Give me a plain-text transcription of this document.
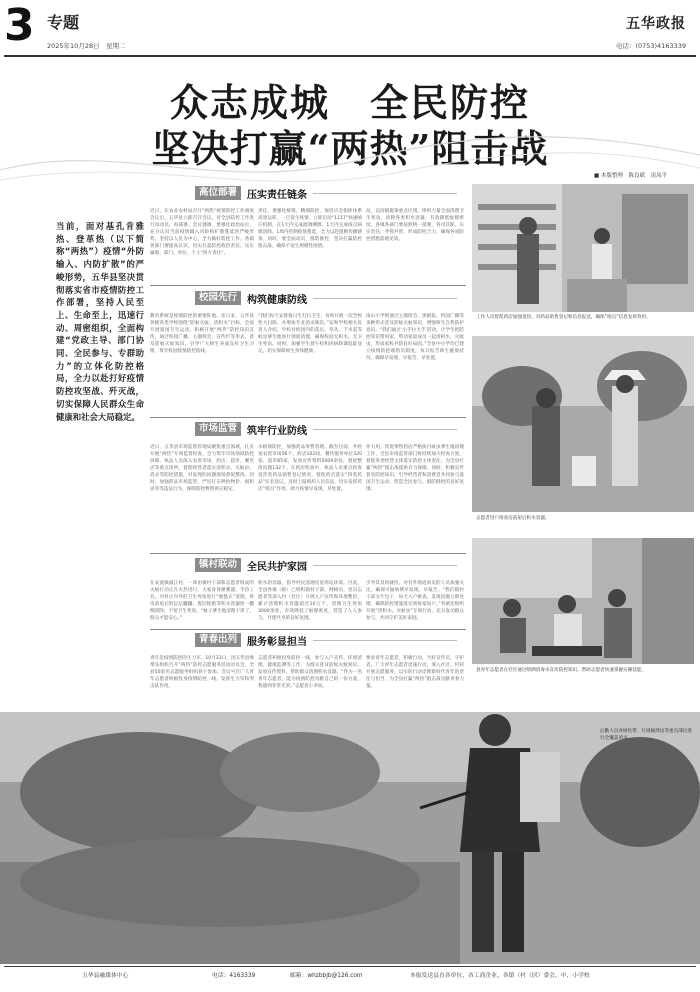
3 专题
2025年10月28日　星期二
五华政报
电话：(0753)4163339
众志成城　全民防控
坚决打赢“两热”阻击战
■ 本版整理　陈良斌　凌凤平
当前，面对基孔肯雅热、登革热（以下简称“两热”）疫情“外防输入、内防扩散”的严峻形势，五华县坚决贯彻落实省市疫情防控工作部署，坚持人民至上、生命至上，迅速行动、周密组织，全面构建“党政主导、部门协同、全民参与、专群助力”的立体化防控格局，全力以赴打好疫情防控攻坚战、歼灭战，切实保障人民群众生命健康和社会大局稳定。
高位部署	压实责任链条
近日，在农业农村局召开“两热”疫情防控工作调度会议后，五华县立即召开会议，对全县防控工作进行再动员、再部署。会议强调，要强化政治站位，充分认识当前疫情输入风险和扩散蔓延的严峻形势，坚持以人民为中心，全力做好防控工作。各镇各部门要提高认识，切实扛起防控政治责任，压实属地、部门、单位、个人“四方责任”。
责任。要强化统筹，精细防控，保持应急指挥体系高效运转，一旦发生疫情，立即启动“1117”快速响应机制，在1天内完成流调溯源、1天内完成疫点病媒清除、1周内控制疫情蔓延，全力以赴阻断传播链条。同时，要全面动员，群防群控，坚决打赢防控阻击战，确保不发生规模性疫情。
站，以因镇施策重点区域，组织力量全面清理卫生死角，清除各类积水容器，有效降低蚊媒密度。各镇各部门要按照统一部署，各司其职，压实责任，齐抓共管，形成防控合力，确保各项防控措施落地见效。
校园先行	构筑健康防线
教育系统是疫情防控的重要阵地。连日来，五华县各级各类学校围绕“防蚊灭蚊、清积水”目标，全面开展爱国卫生运动，积极开展“两热”防控知识宣传，通过校园广播、主题班会、宣传栏等形式，普及防蚊灭蚊知识，引导广大师生养成良好卫生习惯，筑牢校园疫情防控防线。
“我们每天安排值日生打扫卫生，每周开展一次全校性大扫除，并增加专业消杀频次。”安和学校相关负责人介绍，学校对校园内的花坛、草丛、下水道等蚊虫孳生地进行彻底清理，确保校园无积水、无卫生死角。同时，加强学生晨午检和因病缺课追踪登记，切实保障师生身体健康。
南山小学则通过主题班会、黑板报、校园广播等多种形式普及防蚊灭蚊知识，增强师生自我防护意识。“我们通过‘小手拉大手’活动，让学生把防控知识带回家，带动家庭成员一起清积水、灭蚊虫，形成家校共防良好局面。”全县中小学均已建立疫情防控联络员制度，每日报告师生健康状况，确保早发现、早报告、早处置。
市场监管	筑牢行业防线
近日，五华县市场监督管理局聚焦重点领域，扎实开展“两热”专项监督检查，全力筑牢市场领域防控屏障。执法人员深入农贸市场、药店、超市、餐饮店等重点场所，督促经营者落实清积水、灭蚊虫、消杀等防控措施，对发现的问题现场督促整改。同时，加强药品市场监管，严厉打击哄抬物价、囤积居奇等违法行为，保障防控物资供应稳定。
水根划防控，加强药品零售管理。截至目前，共检查农贸市场56个、药店102间、餐饮服务单位320家、超市85家，发放宣传资料5000余份，督促整改问题132个。在药店检查中，执法人员重点检查退热类药品销售登记情况，督促药店落实“四类药品”实名登记，及时上报购药人员信息，切实发挥药店“哨点”作用，助力疫情早发现、早处置。
作力用，督促零售药店严格执行蚊虫孳生地清理工作，全县市场监管部门将持续加大检查力度，督促各类经营主体落实防控主体责任，为全县打赢“两热”阻击战提供有力保障。同时，积极宣传普及防控知识，引导经营者和消费者共同参与爱国卫生运动，营造全民参与、群防群控的良好氛围。
镇村联动	全民共护家园
在安流镇福江村，一场由镇村干部和志愿者组成的灭蚊行动正在火热进行。大家身背喷雾器、手持工具，对村庄内外的卫生死角进行“地毯式”清理，将房前屋后的坛坛罐罐、废旧轮胎等积水容器逐一翻倒清除，不留卫生死角。“蚊子孳生地清理干净了，群众才能安心。”
积水的容器，指导村民清理房屋周边环境。目前，全县各镇（街）已组织镇村干部、网格员、党员志愿者等深入村（社区）开展入户宣传和环境整治，累计清理积水容器超过10万个，清理卫生死角3000余处，有效降低了蚊媒密度，营造了人人参与、共建共享的良好氛围。
引导其及时就医。对有外地返回史的人员加强关注，确保可疑病例早发现、早报告。“我们镇村干部分片包干，每天入户排查，发现问题立即处理，确保防控措施落实到每家每户。”各镇还组织开展“清积水、灭蚊虫”专项行动，充分发动群众参与，共同守护美好家园。
青春出列	服务彰显担当
青年是疫情防控的生力军。10月23日，团五华县委带头组织召开“两热”防控志愿服务活动动员会，全县50余名志愿服务组织骨干参加。会议号召广大青年志愿者积极投身疫情防控一线，发挥生力军和突击队作用。
志愿者积极投身防控一线，参与入户宣传、环境清理、健康监测等工作，为群众普及防蚊灭蚊知识，发放宣传资料，帮助群众清理积水容器。“作为一名青年志愿者，能为疫情防控贡献自己的一份力量，我感到非常光荣。”志愿者小李说。
要求青年志愿者，积极行动，当好宣传员、守护者。广大青年志愿者迅速行动，深入社区、村居开展志愿服务，以实际行动诠释新时代青年的责任与担当，为全县打赢“两热”阻击战贡献青春力量。
工作人员督促药店加强退热、对药品销售登记和信息报送，确保“哨点”信息发挥效用。
志愿者进户排查房前屋后积水容器。
县青年志愿者在社区通过喷洒消毒水宣传防控知识，帮助志愿者快速掌握实操技能。
后勤人员对绿化带、垃圾桶周边等重点部位进行全覆盖消杀。
五华县融媒体中心	电话：4163339	邮箱：whzbbjb@126.com	本报发送县直各单位、各工商企业、各镇（村（居）委会、中、小学校
